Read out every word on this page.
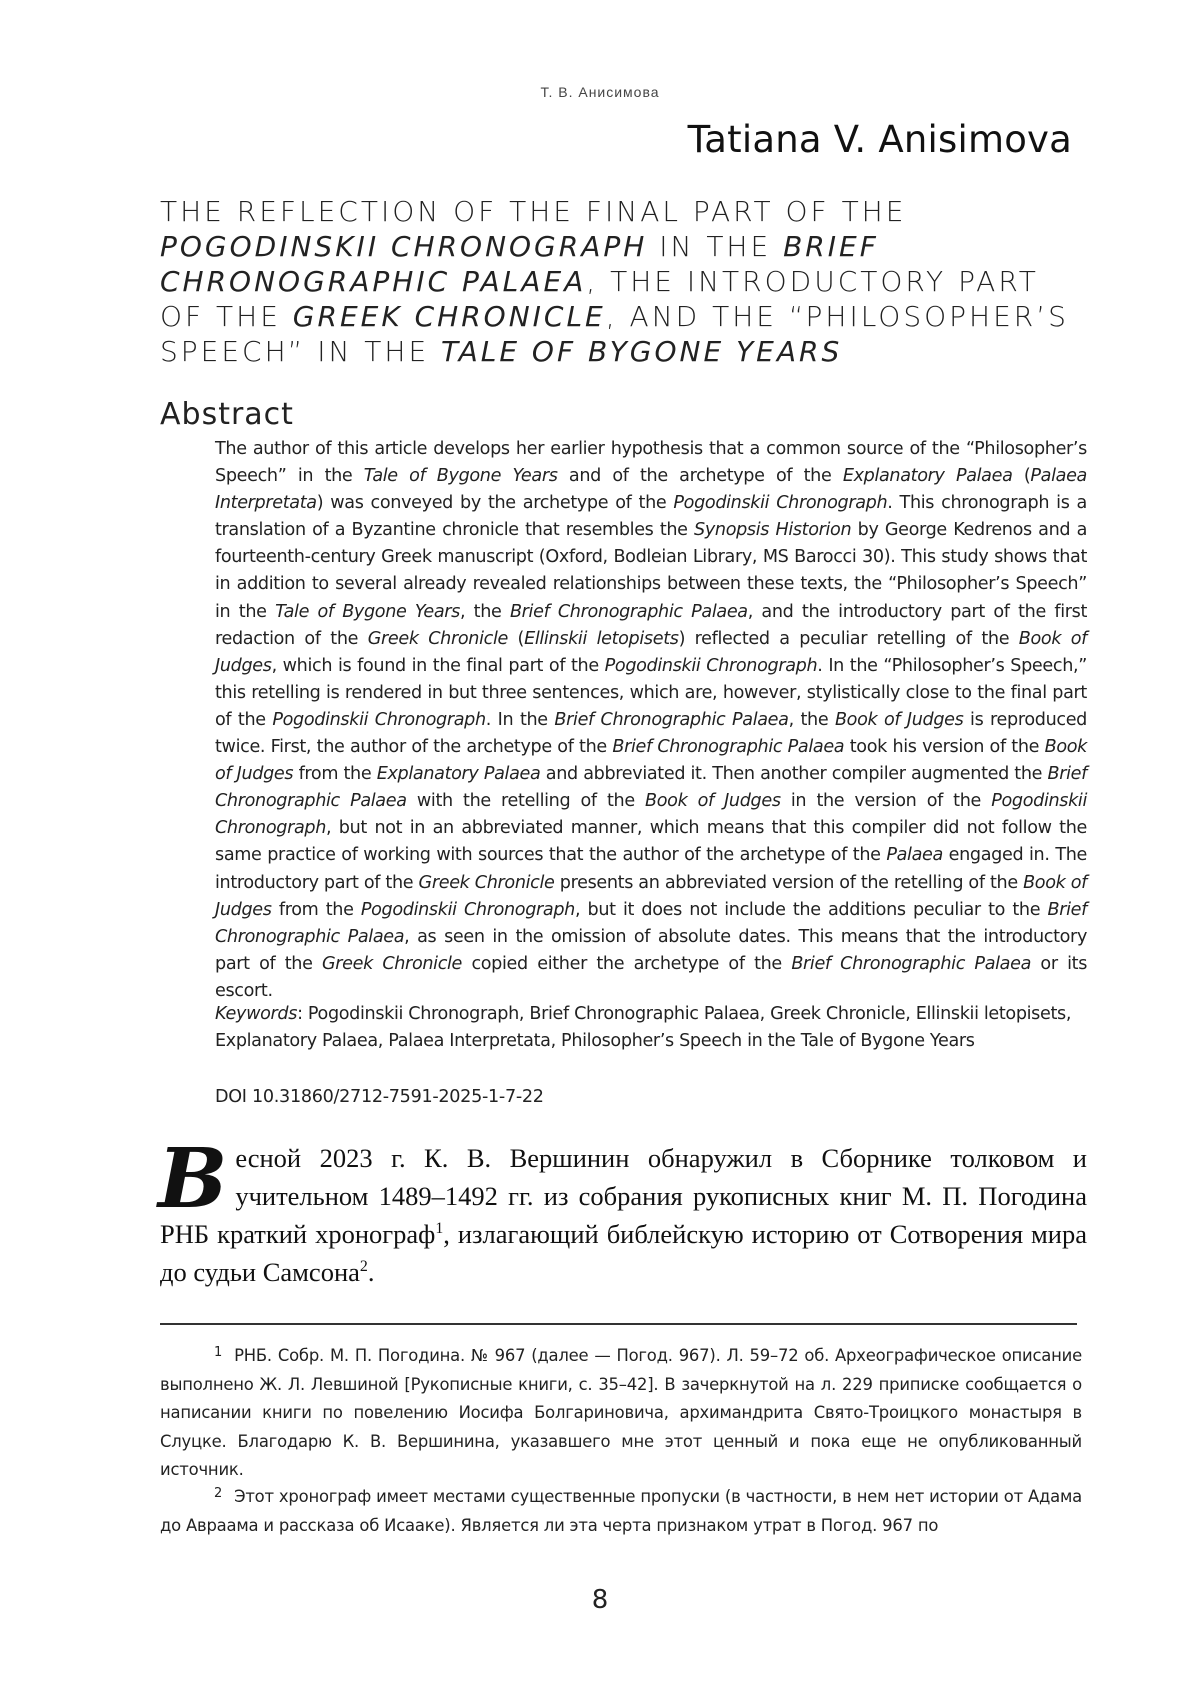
Т. В. Анисимова
Tatiana V. Anisimova
THE REFLECTION OF THE FINAL PART OF THE POGODINSKII CHRONOGRAPH IN THE BRIEF CHRONOGRAPHIC PALAEA, THE INTRODUCTORY PART OF THE GREEK CHRONICLE, AND THE “PHILOSOPHER’S SPEECH” IN THE TALE OF BYGONE YEARS
Abstract
The author of this article develops her earlier hypothesis that a common source of the “Philosopher’s Speech” in the Tale of Bygone Years and of the archetype of the Explanatory Palaea (Palaea Interpretata) was conveyed by the archetype of the Pogodinskii Chronograph. This chronograph is a translation of a Byzantine chronicle that resembles the Synopsis Historion by George Kedrenos and a fourteenth-century Greek manuscript (Oxford, Bodleian Library, MS Barocci 30). This study shows that in addition to several already revealed relationships between these texts, the “Philosopher’s Speech” in the Tale of Bygone Years, the Brief Chronographic Palaea, and the introductory part of the first redaction of the Greek Chronicle (Ellinskii letopisets) reflected a peculiar retelling of the Book of Judges, which is found in the final part of the Pogodinskii Chronograph. In the “Philosopher’s Speech,” this retelling is rendered in but three sentences, which are, however, stylistically close to the final part of the Pogodinskii Chronograph. In the Brief Chronographic Palaea, the Book of Judges is reproduced twice. First, the author of the archetype of the Brief Chronographic Palaea took his version of the Book of Judges from the Explanatory Palaea and abbreviated it. Then another compiler augmented the Brief Chronographic Palaea with the retelling of the Book of Judges in the version of the Pogodinskii Chronograph, but not in an abbreviated manner, which means that this compiler did not follow the same practice of working with sources that the author of the archetype of the Palaea engaged in. The introductory part of the Greek Chronicle presents an abbreviated version of the retelling of the Book of Judges from the Pogodinskii Chronograph, but it does not include the additions peculiar to the Brief Chronographic Palaea, as seen in the omission of absolute dates. This means that the introductory part of the Greek Chronicle copied either the archetype of the Brief Chronographic Palaea or its escort.
Keywords: Pogodinskii Chronograph, Brief Chronographic Palaea, Greek Chronicle, Ellinskii letopisets, Explanatory Palaea, Palaea Interpretata, Philosopher’s Speech in the Tale of Bygone Years
DOI 10.31860/2712-7591-2025-1-7-22
Весной 2023 г. К. В. Вершинин обнаружил в Сборнике толковом и учительном 1489–1492 гг. из собрания рукописных книг М. П. Погодина РНБ краткий хронограф$^1$, излагающий библейскую историю от Сотворения мира до судьи Самсона$^2$.
1 РНБ. Собр. М. П. Погодина. № 967 (далее — Погод. 967). Л. 59–72 об. Археографическое описание выполнено Ж. Л. Левшиной [Рукописные книги, с. 35–42]. В зачеркнутой на л. 229 приписке сообщается о написании книги по повелению Иосифа Болгариновича, архимандрита Свято-Троицкого монастыря в Слуцке. Благодарю К. В. Вершинина, указавшего мне этот ценный и пока еще не опубликованный источник.
2 Этот хронограф имеет местами существенные пропуски (в частности, в нем нет истории от Адама до Авраама и рассказа об Исааке). Является ли эта черта признаком утрат в Погод. 967 по
8
